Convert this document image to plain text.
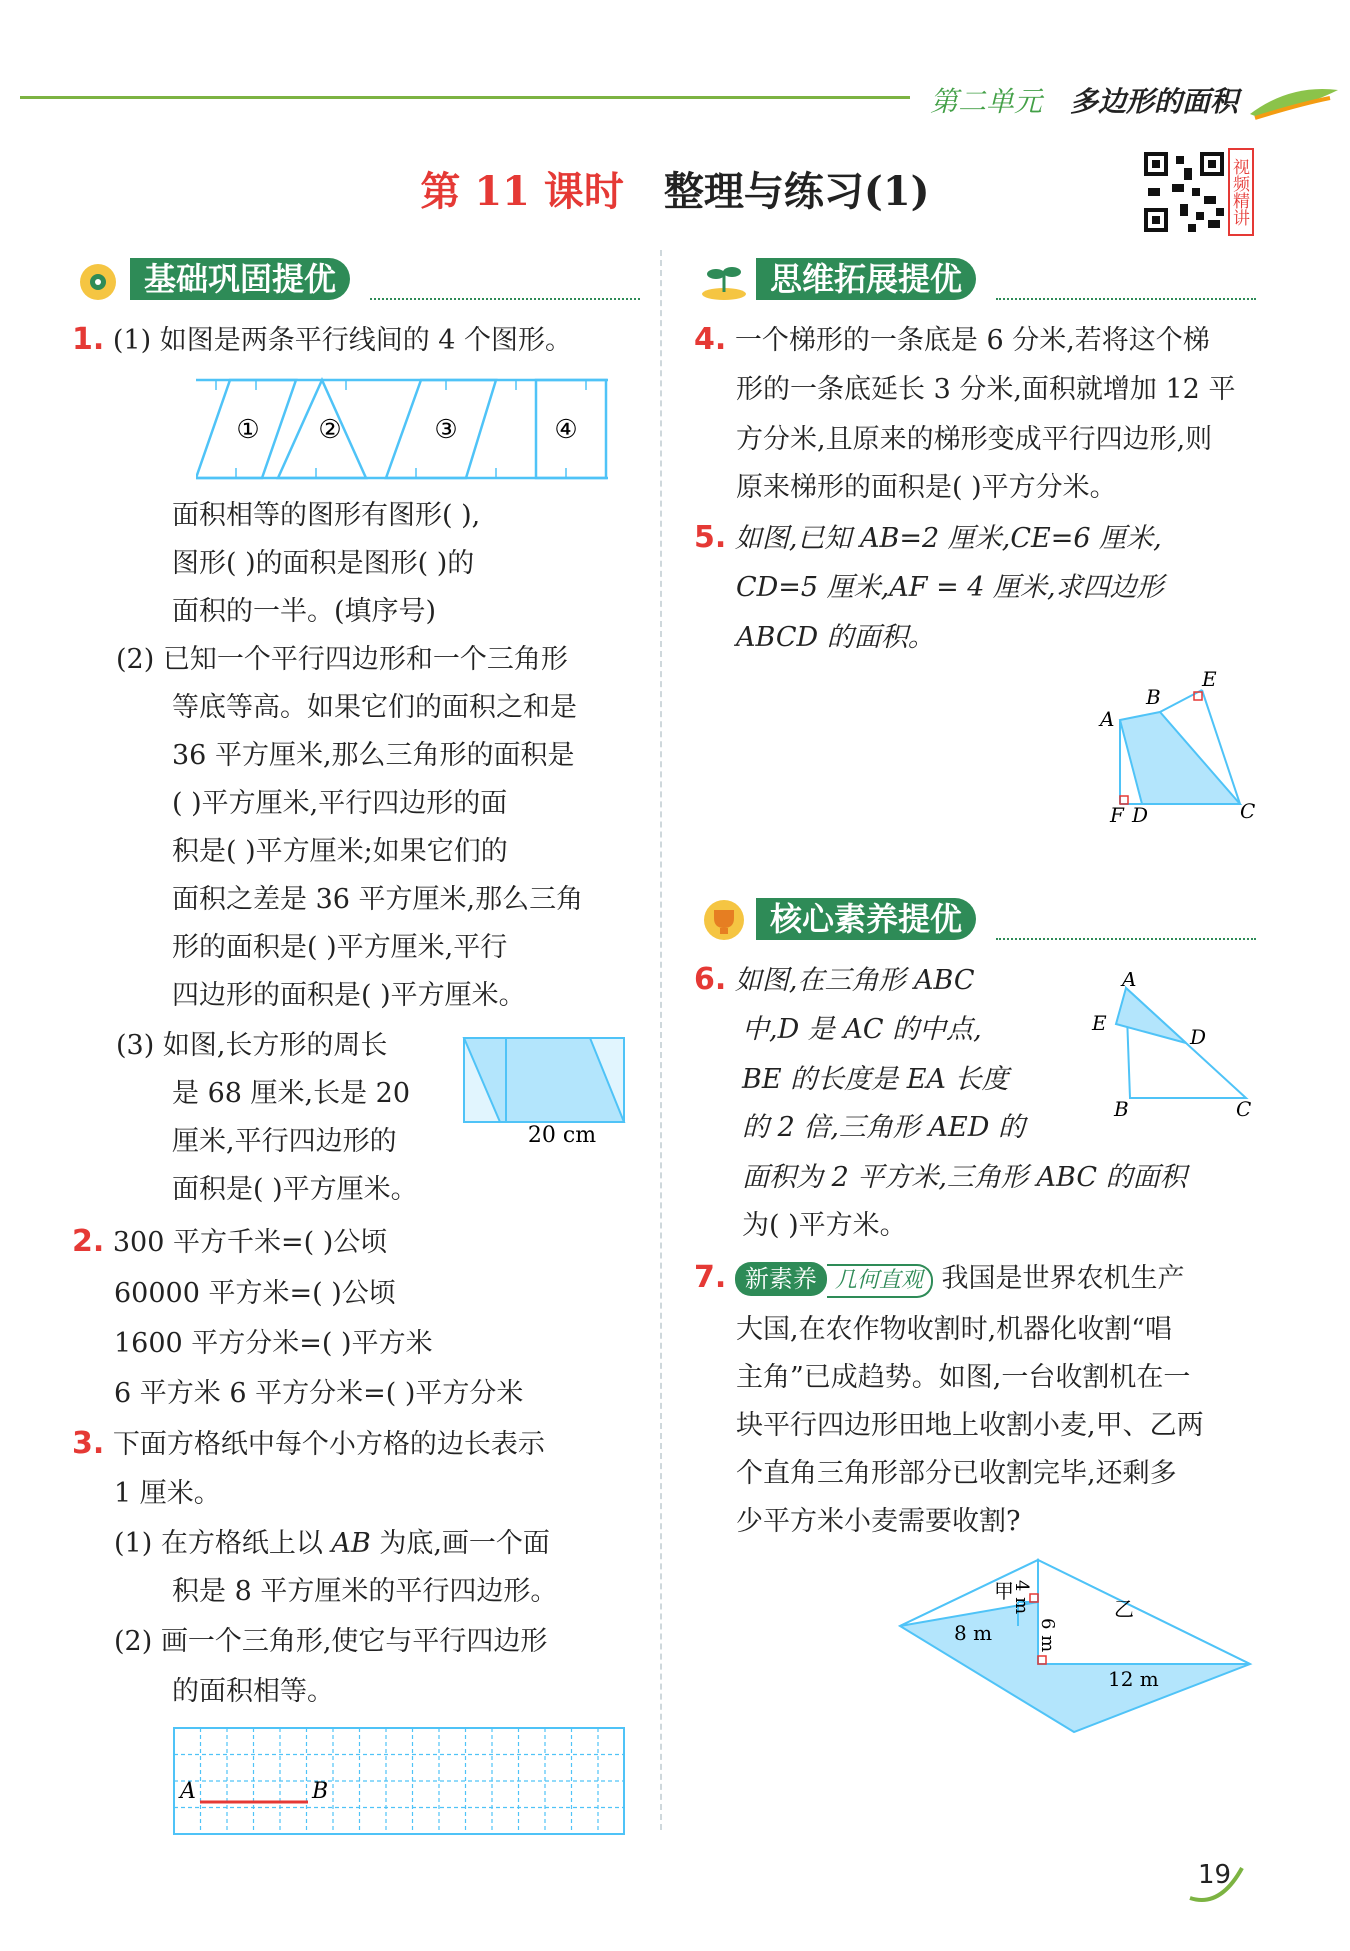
第二单元 多边形的面积
第 11 课时 整理与练习(1)	视频精讲
基础巩固提优
1. (1) 如图是两条平行线间的 4 个图形。
① ②	③	④
面积相等的图形有图形( ),
图形( )的面积是图形( )的
面积的一半。(填序号)
(2) 已知一个平行四边形和一个三角形
等底等高。如果它们的面积之和是
36 平方厘米,那么三角形的面积是
( )平方厘米,平行四边形的面
积是( )平方厘米;如果它们的
面积之差是 36 平方厘米,那么三角
形的面积是( )平方厘米,平行
四边形的面积是( )平方厘米。
(3) 如图,长方形的周长
是 68 厘米,长是 20
厘米,平行四边形的
面积是( )平方厘米。
20 cm
2. 300 平方千米=( )公顷
60000 平方米=( )公顷
1600 平方分米=( )平方米
6 平方米 6 平方分米=( )平方分米
3. 下面方格纸中每个小方格的边长表示
1 厘米。
(1) 在方格纸上以 AB 为底,画一个面
积是 8 平方厘米的平行四边形。
(2) 画一个三角形,使它与平行四边形
的面积相等。
A	B
思维拓展提优
4. 一个梯形的一条底是 6 分米,若将这个梯
形的一条底延长 3 分米,面积就增加 12 平
方分米,且原来的梯形变成平行四边形,则
原来梯形的面积是( )平方分米。
5. 如图,已知 AB=2 厘米,CE=6 厘米,
CD=5 厘米,AF = 4 厘米,求四边形
ABCD 的面积。
A
B
E
C
F D
核心素养提优
6. 如图,在三角形 ABC
中,D 是 AC 的中点,
BE 的长度是 EA 长度
的 2 倍,三角形 AED 的
面积为 2 平方米,三角形 ABC 的面积
为( )平方米。
A
E
D
B	C
7. 新素养 几何直观 我国是世界农机生产
大国,在农作物收割时,机器化收割“唱
主角”已成趋势。如图,一台收割机在一
块平行四边形田地上收割小麦,甲、乙两
个直角三角形部分已收割完毕,还剩多
少平方米小麦需要收割?
甲
乙
4 m
6 m
8 m
12 m
19
